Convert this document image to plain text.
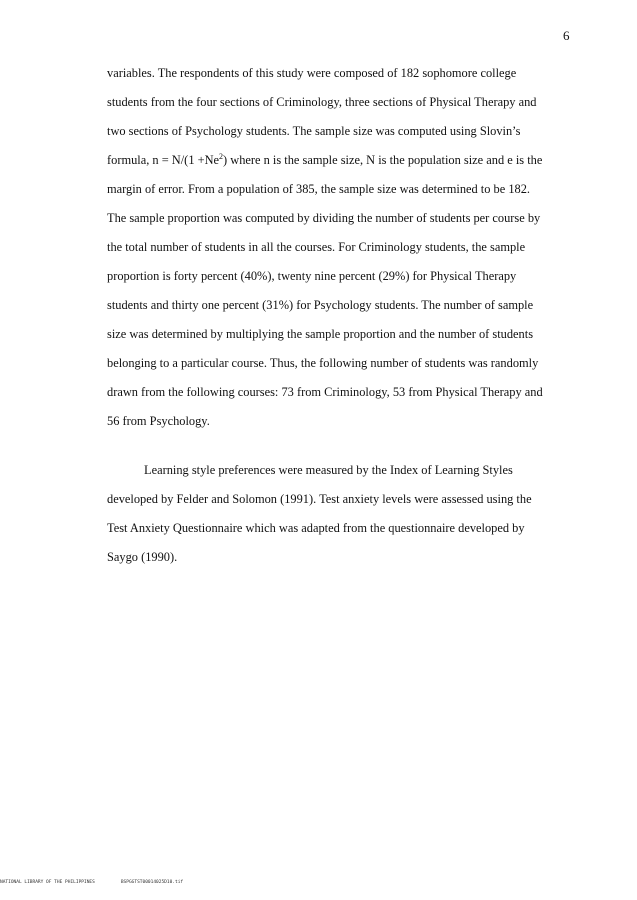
6
variables. The respondents of this study were composed of 182 sophomore college
students from the four sections of Criminology, three sections of Physical Therapy and
two sections of Psychology students. The sample size was computed using Slovin’s
formula, $n = N/(1 +Ne^2)$ where n is the sample size, N is the population size and e is the
margin of error. From a population of 385, the sample size was determined to be 182.
The sample proportion was computed by dividing the number of students per course by
the total number of students in all the courses. For Criminology students, the sample
proportion is forty percent (40%), twenty nine percent (29%) for Physical Therapy
students and thirty one percent (31%) for Psychology students. The number of sample
size was determined by multiplying the sample proportion and the number of students
belonging to a particular course. Thus, the following number of students was randomly
drawn from the following courses: 73 from Criminology, 53 from Physical Therapy and
56 from Psychology.
Learning style preferences were measured by the Index of Learning Styles
developed by Felder and Solomon (1991). Test anxiety levels were assessed using the
Test Anxiety Questionnaire which was adapted from the questionnaire developed by
Saygo (1990).
NATIONAL LIBRARY OF THE PHILIPPINES	BSPGGTST00014025D10.tif
